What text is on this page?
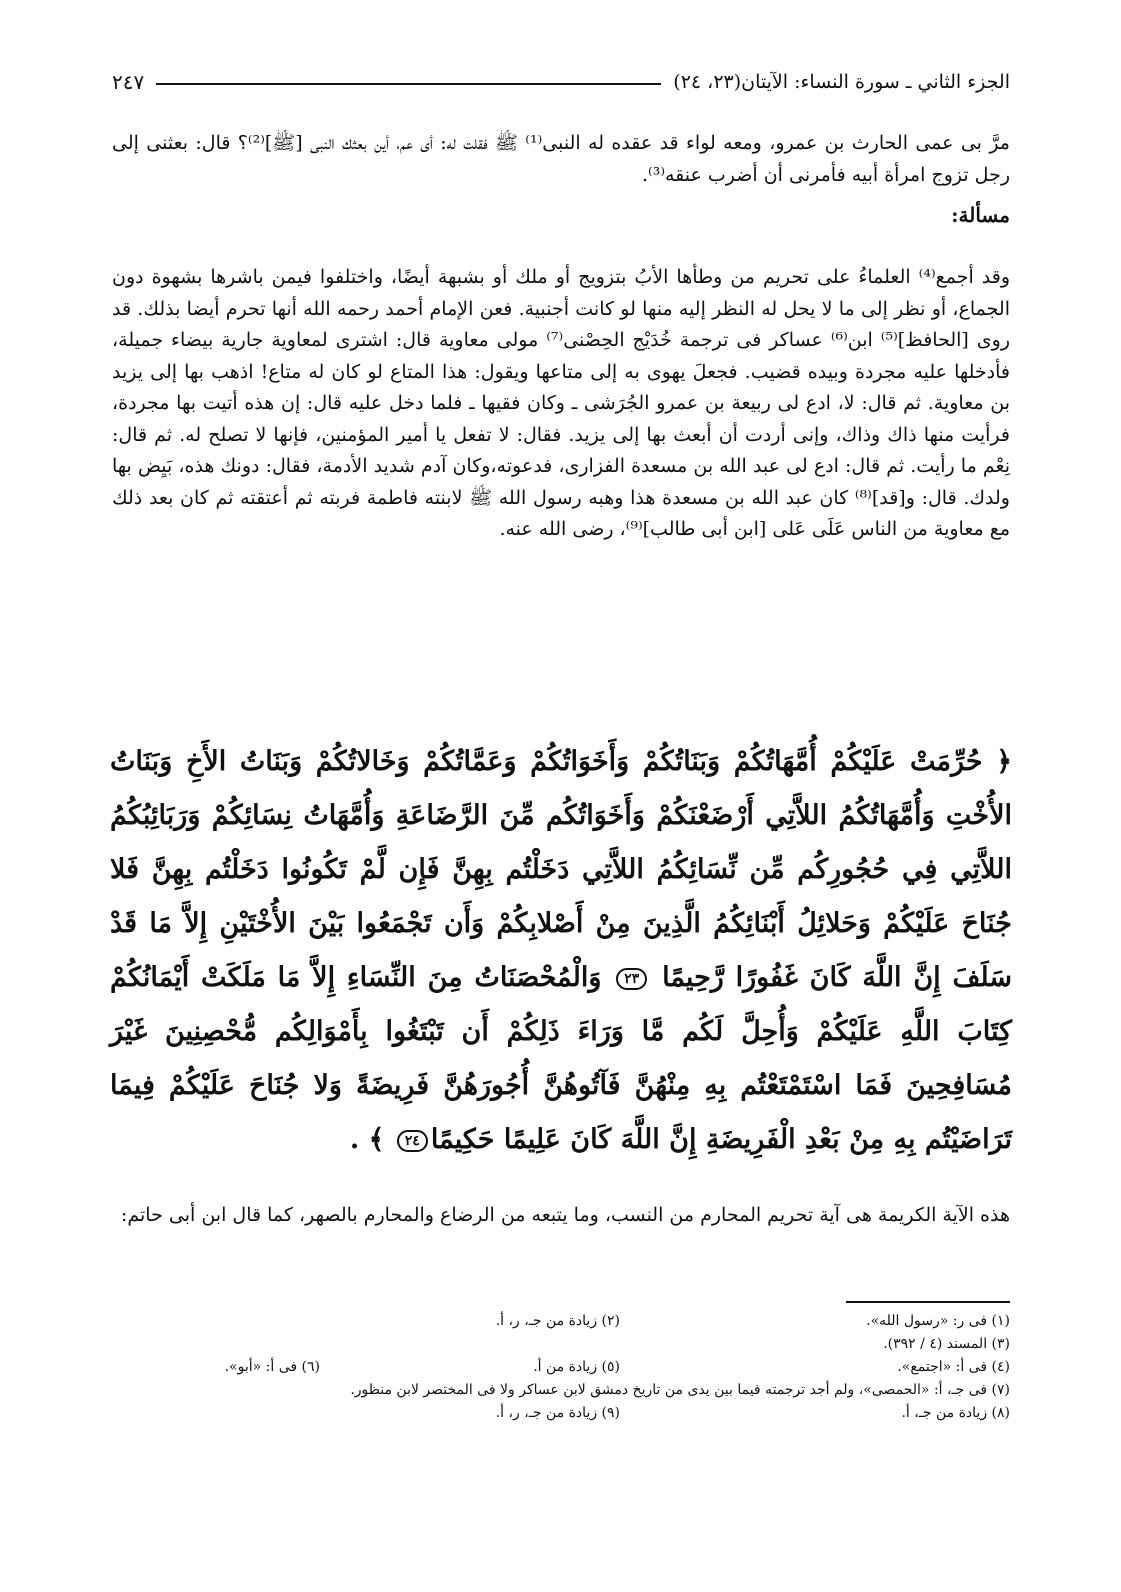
الجزء الثاني ـ سورة النساء: الآيتان(٢٣، ٢٤)
٢٤٧

مرَّ بى عمى الحارث بن عمرو، ومعه لواء قد عقده له النبى⁽¹⁾ ﷺ فقلت له: أى عم، أين بعثك النبى [ﷺ]⁽²⁾؟ قال: بعثنى إلى رجل تزوج امرأة أبيه فأمرنى أن أضرب عنقه⁽³⁾.

مسألة:

وقد أجمع⁽⁴⁾ العلماءُ على تحريم من وطأها الأبُ بتزويج أو ملك أو بشبهة أيضًا، واختلفوا فيمن باشرها بشهوة دون الجماع، أو نظر إلى ما لا يحل له النظر إليه منها لو كانت أجنبية. فعن الإمام أحمد رحمه الله أنها تحرم أيضا بذلك. قد روى [الحافظ]⁽⁵⁾ ابن⁽⁶⁾ عساكر فى ترجمة خُدَيْج الحِصْنى⁽⁷⁾ مولى معاوية قال: اشترى لمعاوية جارية بيضاء جميلة، فأدخلها عليه مجردة وبيده قضيب. فجعلَ يهوى به إلى متاعها ويقول: هذا المتاع لو كان له متاع! اذهب بها إلى يزيد بن معاوية. ثم قال: لا، ادع لى ربيعة بن عمرو الجُرَشى ـ وكان فقيها ـ فلما دخل عليه قال: إن هذه أتيت بها مجردة، فرأيت منها ذاك وذاك، وإنى أردت أن أبعث بها إلى يزيد. فقال: لا تفعل يا أمير المؤمنين، فإنها لا تصلح له. ثم قال: نِعْم ما رأيت. ثم قال: ادع لى عبد الله بن مسعدة الفزارى، فدعوته،وكان آدم شديد الأدمة، فقال: دونك هذه، بَيِض بها ولدك. قال: و[قد]⁽⁸⁾ كان عبد الله بن مسعدة هذا وهبه رسول الله ﷺ لابنته فاطمة فربته ثم أعتقته ثم كان بعد ذلك مع معاوية من الناس عَلَى عَلى [ابن أبى طالب]⁽⁹⁾، رضى الله عنه.

﴿ حُرِّمَتْ عَلَيْكُمْ أُمَّهَاتُكُمْ وَبَنَاتُكُمْ وَأَخَوَاتُكُمْ وَعَمَّاتُكُمْ وَخَالاتُكُمْ وَبَنَاتُ الأَخِ وَبَنَاتُ الأُخْتِ وَأُمَّهَاتُكُمُ اللاَّتِي أَرْضَعْنَكُمْ وَأَخَوَاتُكُم مِّنَ الرَّضَاعَةِ وَأُمَّهَاتُ نِسَائِكُمْ وَرَبَائِبُكُمُ اللاَّتِي فِي حُجُورِكُم مِّن نِّسَائِكُمُ اللاَّتِي دَخَلْتُم بِهِنَّ فَإِن لَّمْ تَكُونُوا دَخَلْتُم بِهِنَّ فَلا جُنَاحَ عَلَيْكُمْ وَحَلائِلُ أَبْنَائِكُمُ الَّذِينَ مِنْ أَصْلابِكُمْ وَأَن تَجْمَعُوا بَيْنَ الأُخْتَيْنِ إِلاَّ مَا قَدْ سَلَفَ إِنَّ اللَّهَ كَانَ غَفُورًا رَّحِيمًا ٢٣ وَالْمُحْصَنَاتُ مِنَ النِّسَاءِ إِلاَّ مَا مَلَكَتْ أَيْمَانُكُمْ كِتَابَ اللَّهِ عَلَيْكُمْ وَأُحِلَّ لَكُم مَّا وَرَاءَ ذَلِكُمْ أَن تَبْتَغُوا بِأَمْوَالِكُم مُّحْصِنِينَ غَيْرَ مُسَافِحِينَ فَمَا اسْتَمْتَعْتُم بِهِ مِنْهُنَّ فَآتُوهُنَّ أُجُورَهُنَّ فَرِيضَةً وَلا جُنَاحَ عَلَيْكُمْ فِيمَا تَرَاضَيْتُم بِهِ مِنْ بَعْدِ الْفَرِيضَةِ إِنَّ اللَّهَ كَانَ عَلِيمًا حَكِيمًا٢٤ ﴾ .

هذه الآية الكريمة هى آية تحريم المحارم من النسب، وما يتبعه من الرضاع والمحارم بالصهر، كما قال ابن أبى حاتم:

(١) فى ر: «رسول الله».
(٢) زيادة من جـ، ر، أ.
(٣) المسند (٤ / ٣٩٢).
(٤) فى أ: «اجتمع».
(٥) زيادة من أ.
(٦) فى أ: «أبو».
(٧) فى جـ، أ: «الحمصى»، ولم أجد ترجمته فيما بين يدى من تاريخ دمشق لابن عساكر ولا فى المختصر لابن منظور.
(٨) زيادة من جـ، أ.
(٩) زيادة من جـ، ر، أ.
